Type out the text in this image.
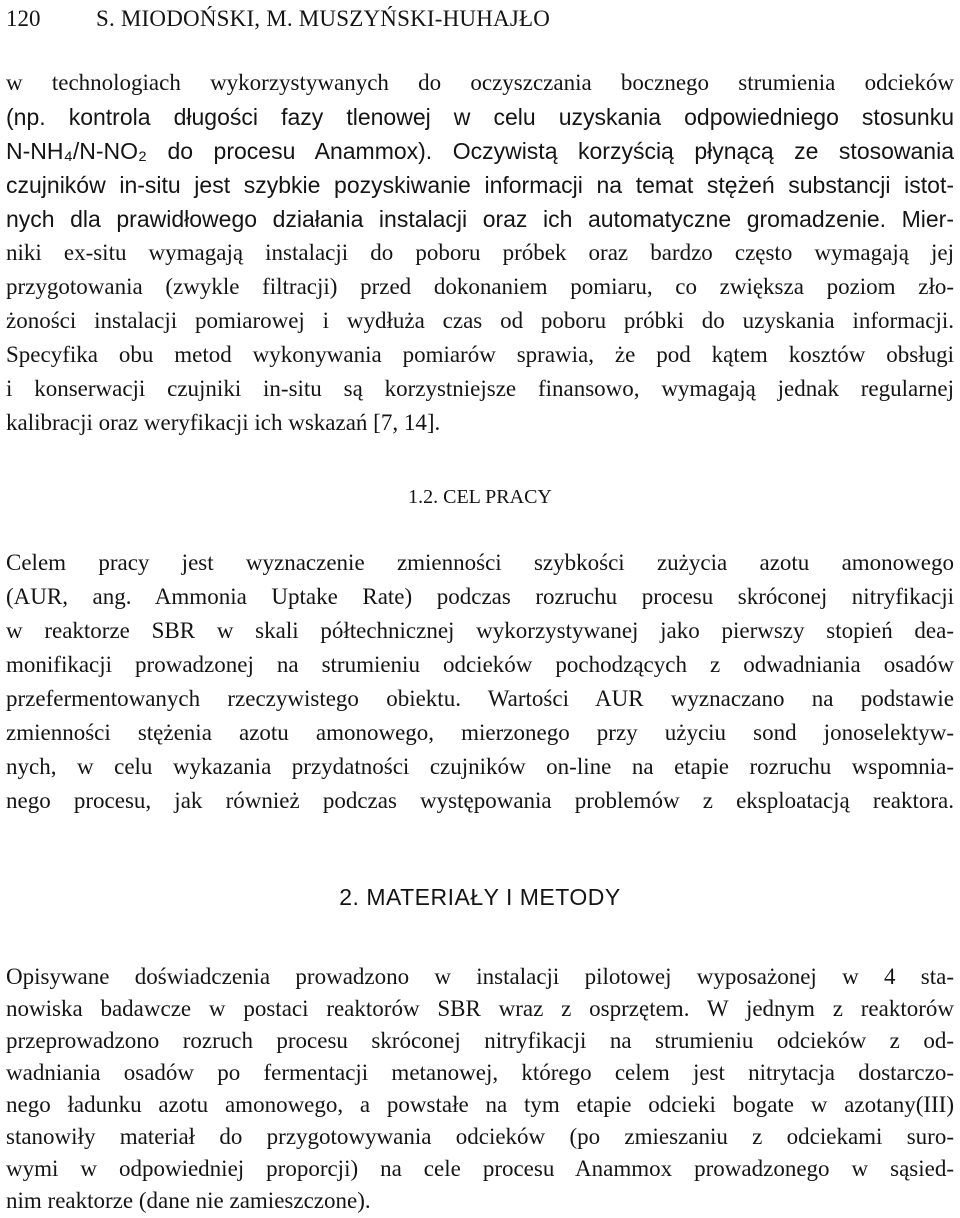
120 S. MIODOŃSKI, M. MUSZYŃSKI-HUHAJŁO
w technologiach wykorzystywanych do oczyszczania bocznego strumienia odcieków
(np. kontrola długości fazy tlenowej w celu uzyskania odpowiedniego stosunku
N-NH₄/N-NO₂ do procesu Anammox). Oczywistą korzyścią płynącą ze stosowania
czujników in-situ jest szybkie pozyskiwanie informacji na temat stężeń substancji istot-
nych dla prawidłowego działania instalacji oraz ich automatyczne gromadzenie. Mier-
niki ex-situ wymagają instalacji do poboru próbek oraz bardzo często wymagają jej
przygotowania (zwykle filtracji) przed dokonaniem pomiaru, co zwiększa poziom zło-
żoności instalacji pomiarowej i wydłuża czas od poboru próbki do uzyskania informacji.
Specyfika obu metod wykonywania pomiarów sprawia, że pod kątem kosztów obsługi
i konserwacji czujniki in-situ są korzystniejsze finansowo, wymagają jednak regularnej
kalibracji oraz weryfikacji ich wskazań [7, 14].
1.2. CEL PRACY
Celem pracy jest wyznaczenie zmienności szybkości zużycia azotu amonowego
(AUR, ang. Ammonia Uptake Rate) podczas rozruchu procesu skróconej nitryfikacji
w reaktorze SBR w skali półtechnicznej wykorzystywanej jako pierwszy stopień dea-
monifikacji prowadzonej na strumieniu odcieków pochodzących z odwadniania osadów
przefermentowanych rzeczywistego obiektu. Wartości AUR wyznaczano na podstawie
zmienności stężenia azotu amonowego, mierzonego przy użyciu sond jonoselektyw-
nych, w celu wykazania przydatności czujników on-line na etapie rozruchu wspomnia-
nego procesu, jak również podczas występowania problemów z eksploatacją reaktora.
2. MATERIAŁY I METODY
Opisywane doświadczenia prowadzono w instalacji pilotowej wyposażonej w 4 sta-
nowiska badawcze w postaci reaktorów SBR wraz z osprzętem. W jednym z reaktorów
przeprowadzono rozruch procesu skróconej nitryfikacji na strumieniu odcieków z od-
wadniania osadów po fermentacji metanowej, którego celem jest nitrytacja dostarczo-
nego ładunku azotu amonowego, a powstałe na tym etapie odcieki bogate w azotany(III)
stanowiły materiał do przygotowywania odcieków (po zmieszaniu z odciekami suro-
wymi w odpowiedniej proporcji) na cele procesu Anammox prowadzonego w sąsied-
nim reaktorze (dane nie zamieszczone).
